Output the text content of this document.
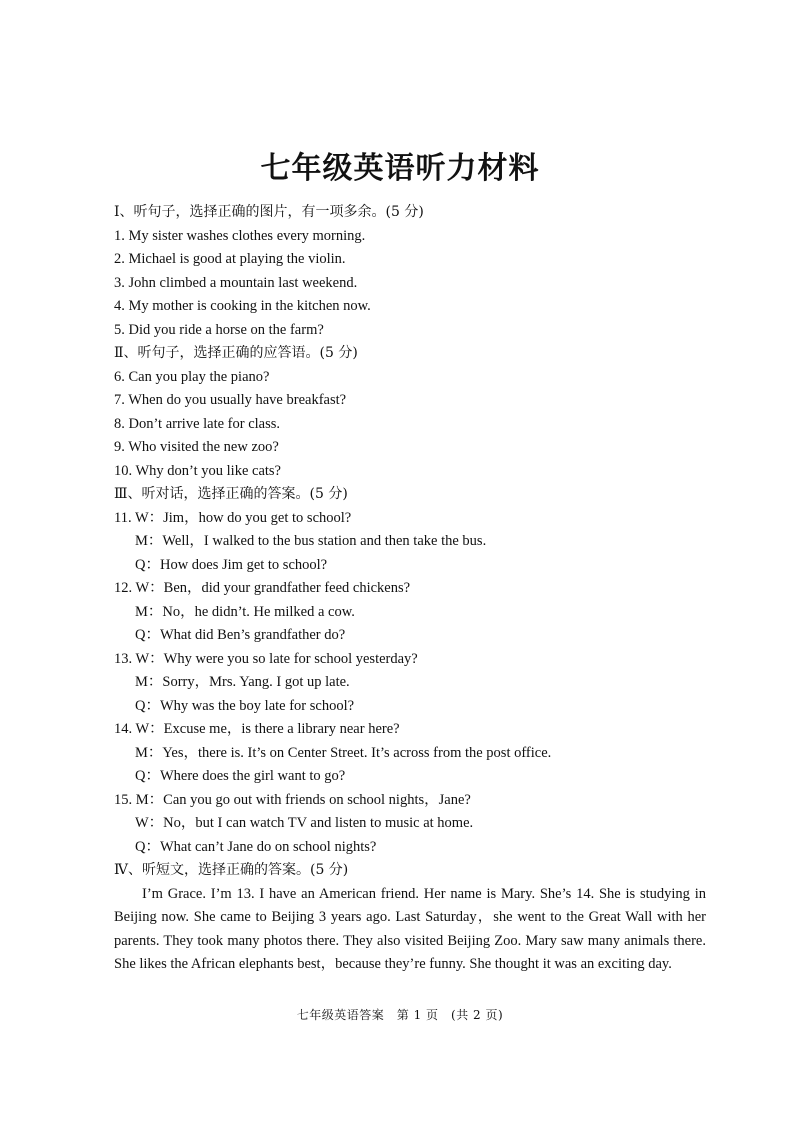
七年级英语听力材料
Ⅰ、听句子，选择正确的图片，有一项多余。(5 分)
1. My sister washes clothes every morning.
2. Michael is good at playing the violin.
3. John climbed a mountain last weekend.
4. My mother is cooking in the kitchen now.
5. Did you ride a horse on the farm?
Ⅱ、听句子，选择正确的应答语。(5 分)
6. Can you play the piano?
7. When do you usually have breakfast?
8. Don’t arrive late for class.
9. Who visited the new zoo?
10. Why don’t you like cats?
Ⅲ、听对话，选择正确的答案。(5 分)
11. W：Jim，how do you get to school?
M：Well，I walked to the bus station and then take the bus.
Q：How does Jim get to school?
12. W：Ben，did your grandfather feed chickens?
M：No，he didn’t. He milked a cow.
Q：What did Ben’s grandfather do?
13. W：Why were you so late for school yesterday?
M：Sorry，Mrs. Yang. I got up late.
Q：Why was the boy late for school?
14. W：Excuse me，is there a library near here?
M：Yes，there is. It’s on Center Street. It’s across from the post office.
Q：Where does the girl want to go?
15. M：Can you go out with friends on school nights，Jane?
W：No，but I can watch TV and listen to music at home.
Q：What can’t Jane do on school nights?
Ⅳ、听短文，选择正确的答案。(5 分)

I’m Grace. I’m 13. I have an American friend. Her name is Mary. She’s 14. She is studying in Beijing now. She came to Beijing 3 years ago. Last Saturday，she went to the Great Wall with her parents. They took many photos there. They also visited Beijing Zoo. Mary saw many animals there. She likes the African elephants best，because they’re funny. She thought it was an exciting day.

七年级英语答案　第 1 页　(共 2 页)
